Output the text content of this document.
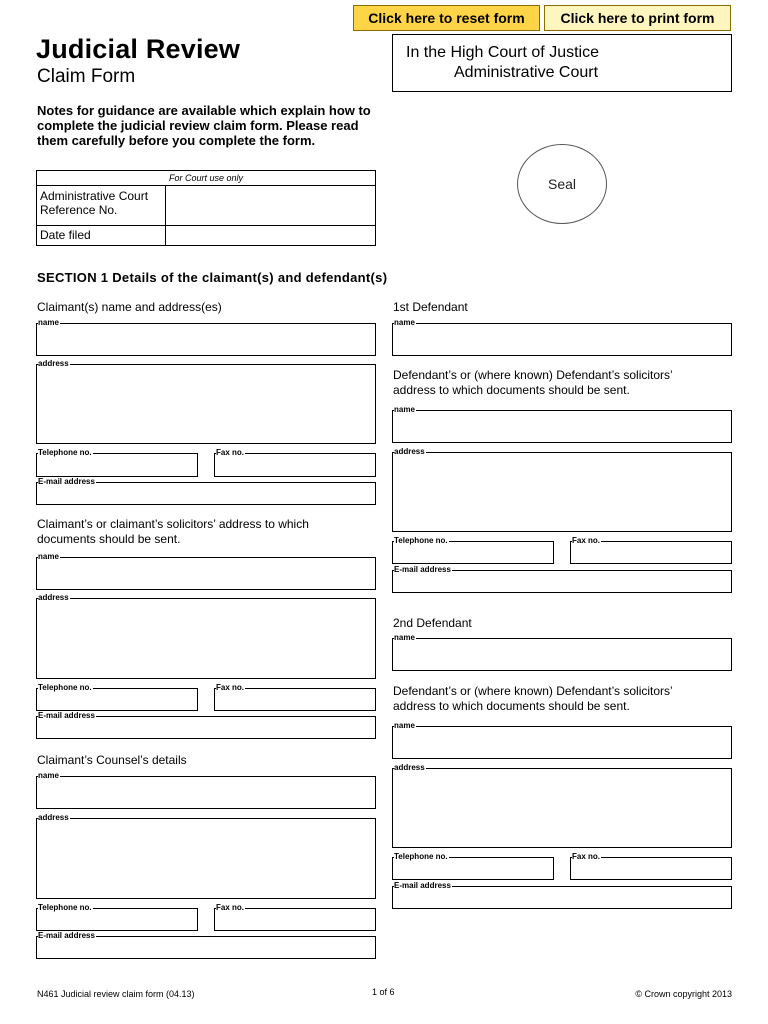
Click here to reset form	Click here to print form
Judicial Review
Claim Form
In the High Court of Justice
Administrative Court
Notes for guidance are available which explain how to complete the judicial review claim form. Please read them carefully before you complete the form.
Seal
For Court use only	
Administrative Court Reference No.	
Date filed	
SECTION 1 Details of the claimant(s) and defendant(s)
Claimant(s) name and address(es)
name
address
Telephone no.	Fax no.
E-mail address
Claimant’s or claimant’s solicitors’ address to which documents should be sent.
name
address
Telephone no.	Fax no.
E-mail address
Claimant’s Counsel’s details
name
address
Telephone no.	Fax no.
E-mail address
1st Defendant
name
Defendant’s or (where known) Defendant’s solicitors’ address to which documents should be sent.
name
address
Telephone no.	Fax no.
E-mail address
2nd Defendant
name
Defendant’s or (where known) Defendant’s solicitors’ address to which documents should be sent.
name
address
Telephone no.	Fax no.
E-mail address
N461 Judicial review claim form (04.13)	1 of 6	© Crown copyright 2013
